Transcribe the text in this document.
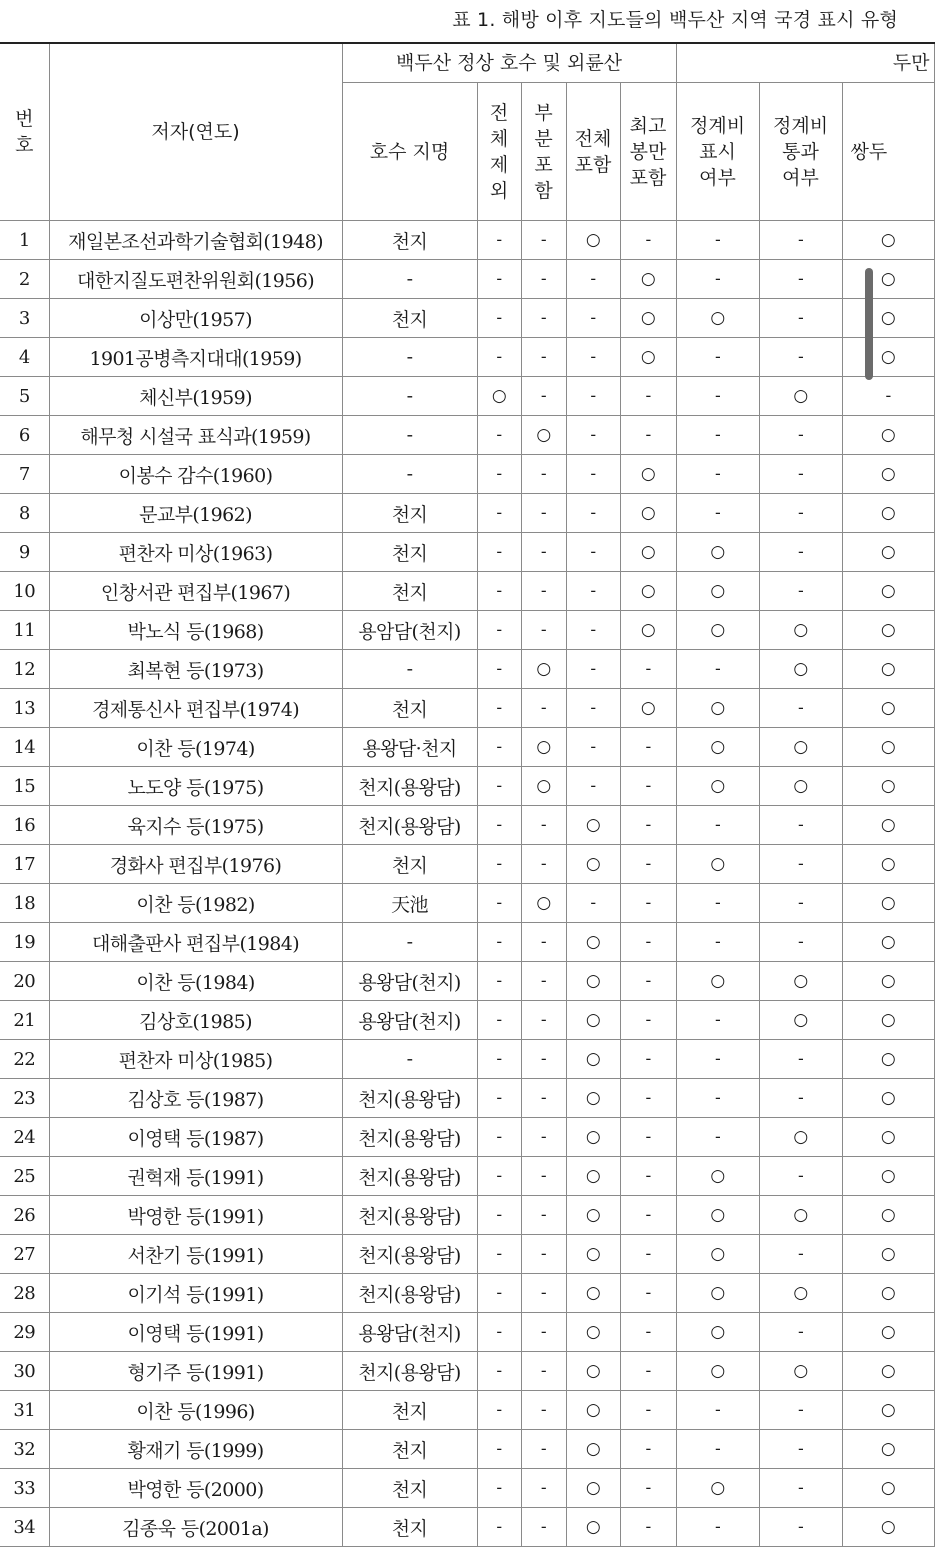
표 1. 해방 이후 지도들의 백두산 지역 국경 표시 유형
번호	저자(연도)	백두산 정상 호수 및 외륜산					두만		
		호수 지명	전체제외	부분포함	전체 포함	최고 봉만 포함	정계비 표시 여부	정계비 통과 여부	쌍두
1	재일본조선과학기술협회(1948)	천지	-	-	○	-	-	-	○
2	대한지질도편찬위원회(1956)	-	-	-	-	○	-	-	○
3	이상만(1957)	천지	-	-	-	○	○	-	○
4	1901공병측지대대(1959)	-	-	-	-	○	-	-	○
5	체신부(1959)	-	○	-	-	-	-	○	-
6	해무청 시설국 표식과(1959)	-	-	○	-	-	-	-	○
7	이봉수 감수(1960)	-	-	-	-	○	-	-	○
8	문교부(1962)	천지	-	-	-	○	-	-	○
9	편찬자 미상(1963)	천지	-	-	-	○	○	-	○
10	인창서관 편집부(1967)	천지	-	-	-	○	○	-	○
11	박노식 등(1968)	용암담(천지)	-	-	-	○	○	○	○
12	최복현 등(1973)	-	-	○	-	-	-	○	○
13	경제통신사 편집부(1974)	천지	-	-	-	○	○	-	○
14	이찬 등(1974)	용왕담·천지	-	○	-	-	○	○	○
15	노도양 등(1975)	천지(용왕담)	-	○	-	-	○	○	○
16	육지수 등(1975)	천지(용왕담)	-	-	○	-	-	-	○
17	경화사 편집부(1976)	천지	-	-	○	-	○	-	○
18	이찬 등(1982)	天池	-	○	-	-	-	-	○
19	대해출판사 편집부(1984)	-	-	-	○	-	-	-	○
20	이찬 등(1984)	용왕담(천지)	-	-	○	-	○	○	○
21	김상호(1985)	용왕담(천지)	-	-	○	-	-	○	○
22	편찬자 미상(1985)	-	-	-	○	-	-	-	○
23	김상호 등(1987)	천지(용왕담)	-	-	○	-	-	-	○
24	이영택 등(1987)	천지(용왕담)	-	-	○	-	-	○	○
25	권혁재 등(1991)	천지(용왕담)	-	-	○	-	○	-	○
26	박영한 등(1991)	천지(용왕담)	-	-	○	-	○	○	○
27	서찬기 등(1991)	천지(용왕담)	-	-	○	-	○	-	○
28	이기석 등(1991)	천지(용왕담)	-	-	○	-	○	○	○
29	이영택 등(1991)	용왕담(천지)	-	-	○	-	○	-	○
30	형기주 등(1991)	천지(용왕담)	-	-	○	-	○	○	○
31	이찬 등(1996)	천지	-	-	○	-	-	-	○
32	황재기 등(1999)	천지	-	-	○	-	-	-	○
33	박영한 등(2000)	천지	-	-	○	-	○	-	○
34	김종욱 등(2001a)	천지	-	-	○	-	-	-	○
